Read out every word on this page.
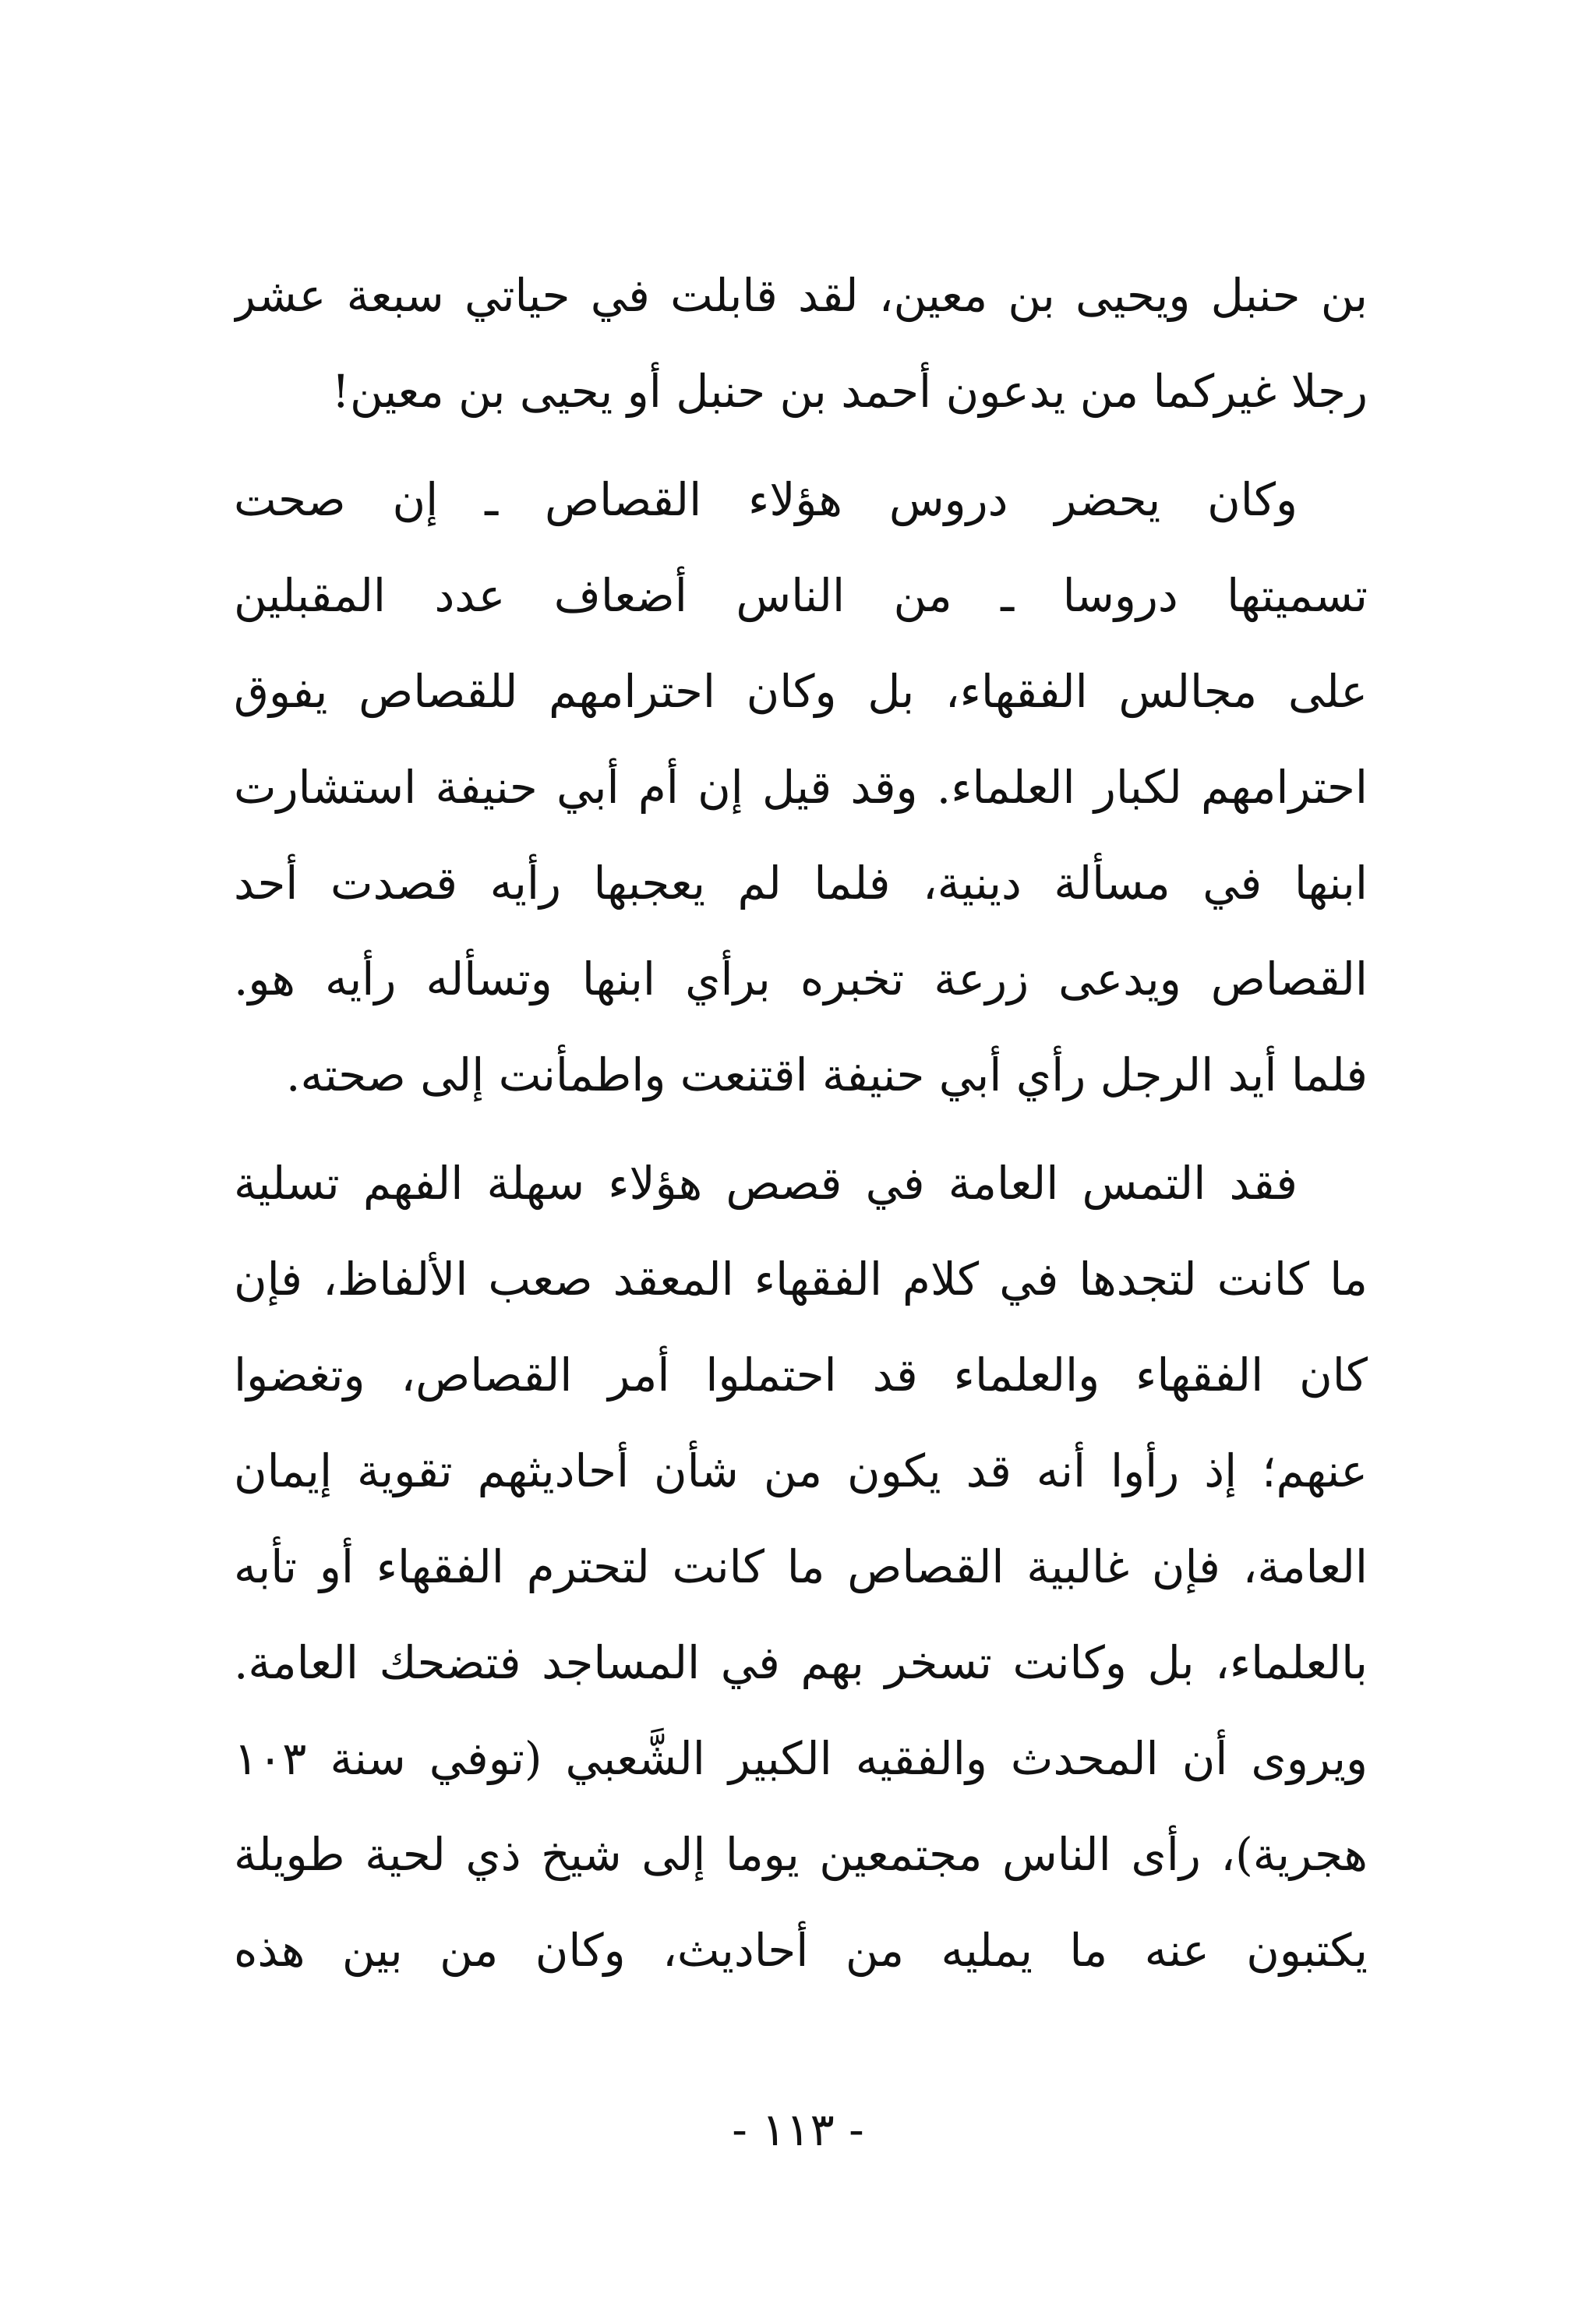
بن حنبل ويحيى بن معين، لقد قابلت في حياتي سبعة عشر
رجلا غيركما من يدعون أحمد بن حنبل أو يحيى بن معين!
وكان يحضر دروس هؤلاء القصاص ـ إن صحت
تسميتها دروسا ـ من الناس أضعاف عدد المقبلين
على مجالس الفقهاء، بل وكان احترامهم للقصاص يفوق
احترامهم لكبار العلماء. وقد قيل إن أم أبي حنيفة استشارت
ابنها في مسألة دينية، فلما لم يعجبها رأيه قصدت أحد
القصاص ويدعى زرعة تخبره برأي ابنها وتسأله رأيه هو.
فلما أيد الرجل رأي أبي حنيفة اقتنعت واطمأنت إلى صحته.
فقد التمس العامة في قصص هؤلاء سهلة الفهم تسلية
ما كانت لتجدها في كلام الفقهاء المعقد صعب الألفاظ، فإن
كان الفقهاء والعلماء قد احتملوا أمر القصاص، وتغضوا
عنهم؛ إذ رأوا أنه قد يكون من شأن أحاديثهم تقوية إيمان
العامة، فإن غالبية القصاص ما كانت لتحترم الفقهاء أو تأبه
بالعلماء، بل وكانت تسخر بهم في المساجد فتضحك العامة.
ويروى أن المحدث والفقيه الكبير الشَّعبي (توفي سنة ١٠٣
هجرية)، رأى الناس مجتمعين يوما إلى شيخ ذي لحية طويلة
يكتبون عنه ما يمليه من أحاديث، وكان من بين هذه
- ١١٣ -
